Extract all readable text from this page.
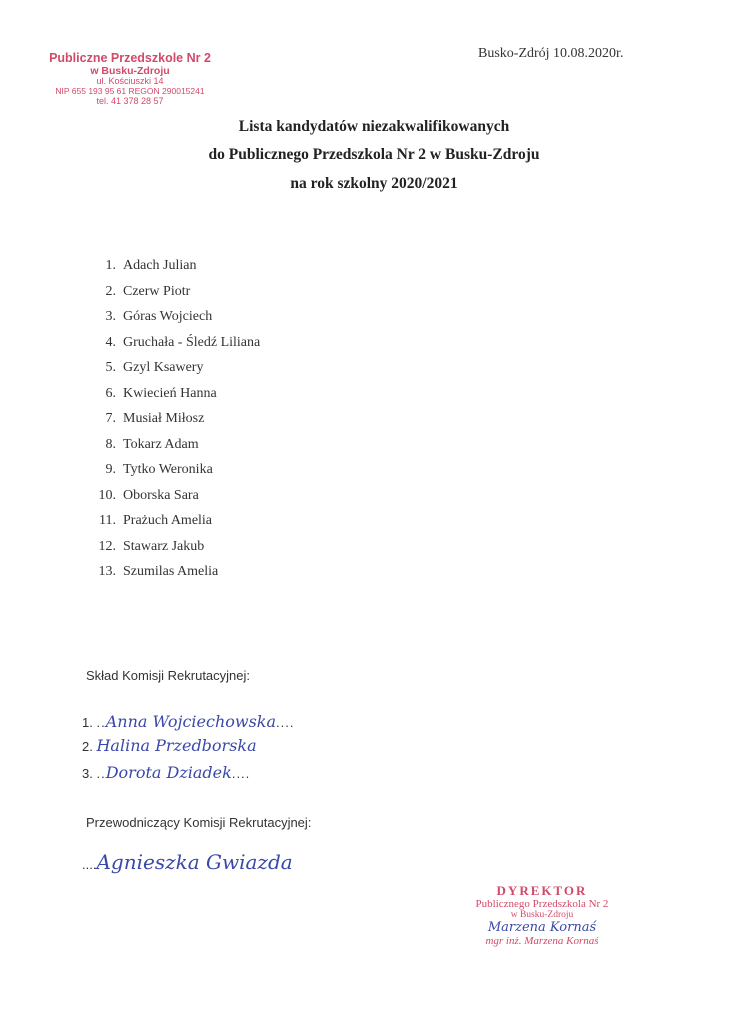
Publiczne Przedszkole Nr 2
w Busku-Zdroju
ul. Kościuszki 14
NIP 655 193 95 61 REGON 290015241
tel. 41 378 28 57
Busko-Zdrój 10.08.2020r.
Lista kandydatów niezakwalifikowanych
do Publicznego Przedszkola Nr 2 w Busku-Zdroju
na rok szkolny 2020/2021
1. Adach Julian
2. Czerw Piotr
3. Góras Wojciech
4. Gruchała - Śledź Liliana
5. Gzyl Ksawery
6. Kwiecień Hanna
7. Musiał Miłosz
8. Tokarz Adam
9. Tytko Weronika
10. Oborska Sara
11. Prażuch Amelia
12. Stawarz Jakub
13. Szumilas Amelia
Skład Komisji Rekrutacyjnej:
1. ..Anna Wojciechowska....
2. Halina Przedborska
3. ..Dorota Dziadek....
Przewodniczący Komisji Rekrutacyjnej:
....Agnieszka Gwiazda
DYREKTOR
Publicznego Przedszkola Nr 2
w Busku-Zdroju
Marzena Kornaś
mgr inż. Marzena Kornaś
